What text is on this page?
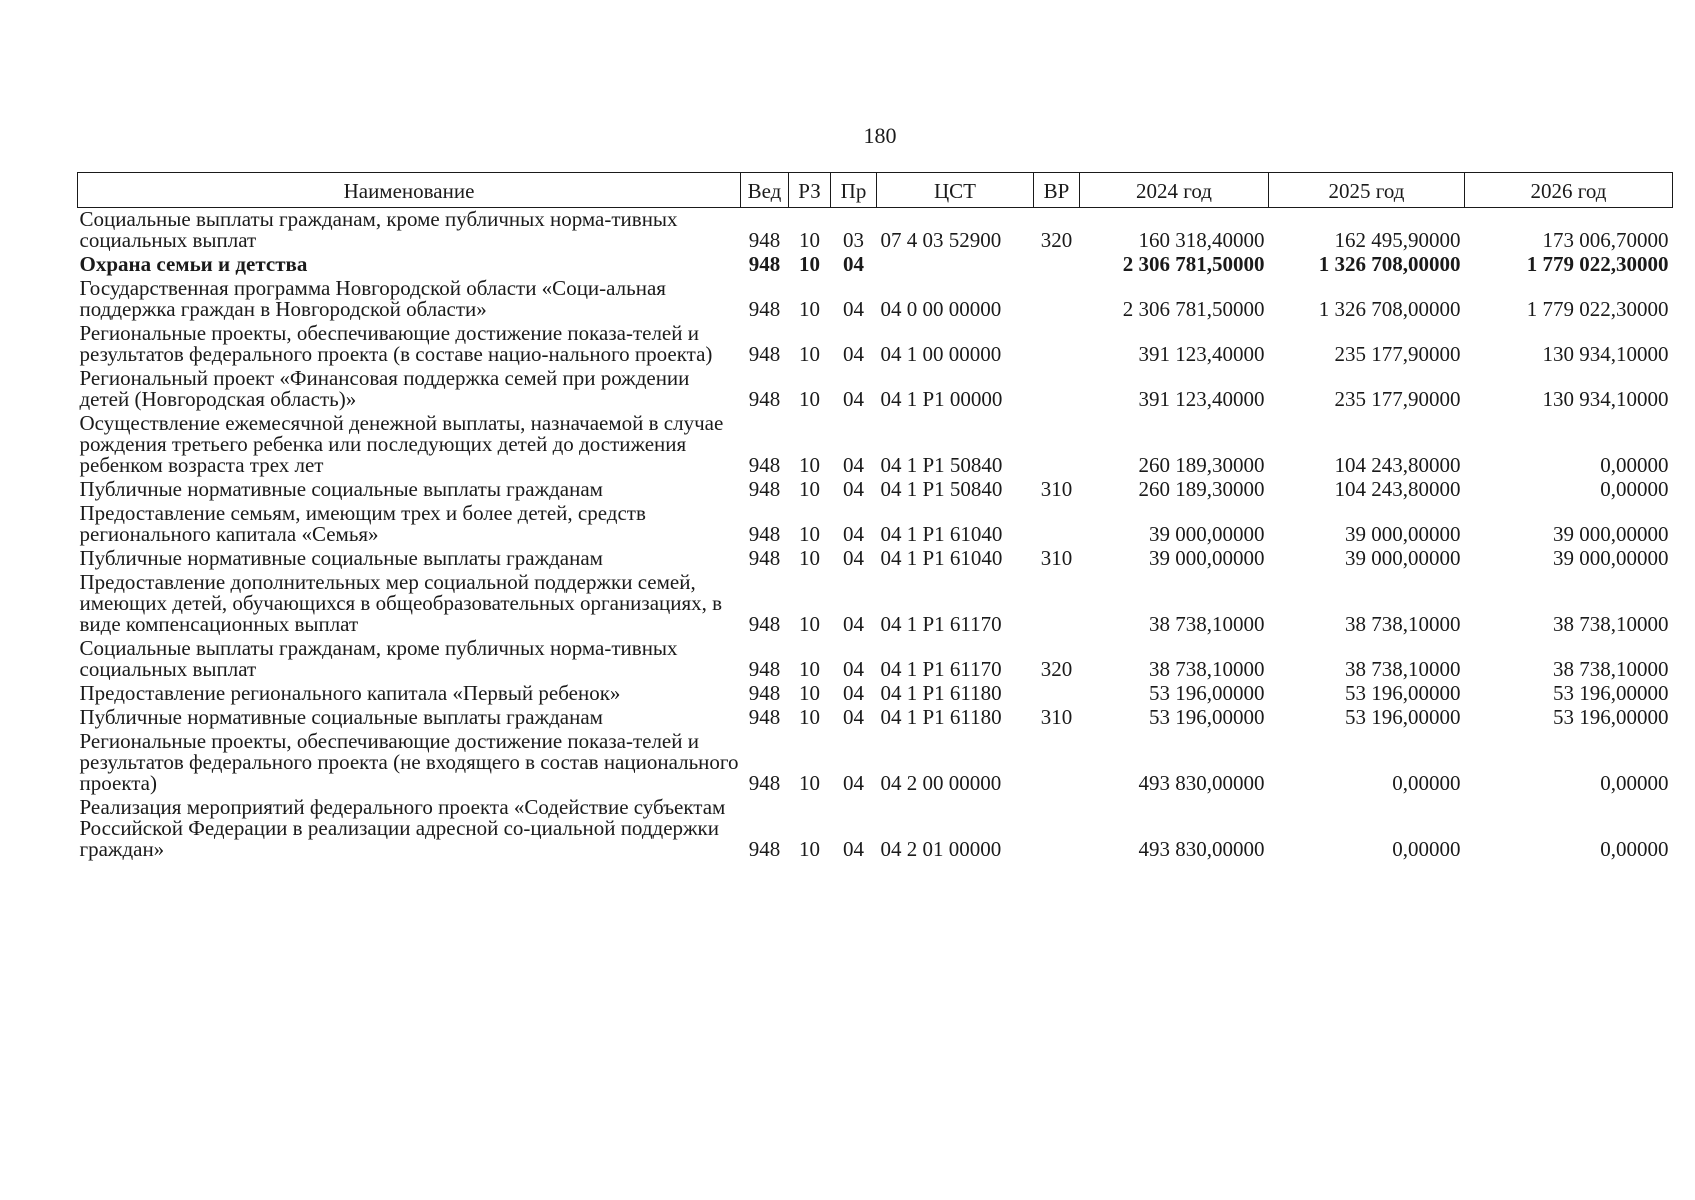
180
Наименование	Вед	РЗ	Пр	ЦСТ	ВР	2024 год	2025 год	2026 год
Социальные выплаты гражданам, кроме публичных норма-тивных социальных выплат	948	10	03	07 4 03 52900	320	160 318,40000	162 495,90000	173 006,70000
Охрана семьи и детства	948	10	04			2 306 781,50000	1 326 708,00000	1 779 022,30000
Государственная программа Новгородской области «Соци-альная поддержка граждан в Новгородской области»	948	10	04	04 0 00 00000		2 306 781,50000	1 326 708,00000	1 779 022,30000
Региональные проекты, обеспечивающие достижение показа-телей и результатов федерального проекта (в составе нацио-нального проекта)	948	10	04	04 1 00 00000		391 123,40000	235 177,90000	130 934,10000
Региональный проект «Финансовая поддержка семей при рождении детей (Новгородская область)»	948	10	04	04 1 Р1 00000		391 123,40000	235 177,90000	130 934,10000
Осуществление ежемесячной денежной выплаты, назначаемой в случае рождения третьего ребенка или последующих детей до достижения ребенком возраста трех лет	948	10	04	04 1 Р1 50840		260 189,30000	104 243,80000	0,00000
Публичные нормативные социальные выплаты гражданам	948	10	04	04 1 Р1 50840	310	260 189,30000	104 243,80000	0,00000
Предоставление семьям, имеющим трех и более детей, средств регионального капитала «Семья»	948	10	04	04 1 Р1 61040		39 000,00000	39 000,00000	39 000,00000
Публичные нормативные социальные выплаты гражданам	948	10	04	04 1 Р1 61040	310	39 000,00000	39 000,00000	39 000,00000
Предоставление дополнительных мер социальной поддержки семей, имеющих детей, обучающихся в общеобразовательных организациях, в виде компенсационных выплат	948	10	04	04 1 Р1 61170		38 738,10000	38 738,10000	38 738,10000
Социальные выплаты гражданам, кроме публичных норма-тивных социальных выплат	948	10	04	04 1 Р1 61170	320	38 738,10000	38 738,10000	38 738,10000
Предоставление регионального капитала «Первый ребенок»	948	10	04	04 1 Р1 61180		53 196,00000	53 196,00000	53 196,00000
Публичные нормативные социальные выплаты гражданам	948	10	04	04 1 Р1 61180	310	53 196,00000	53 196,00000	53 196,00000
Региональные проекты, обеспечивающие достижение показа-телей и результатов федерального проекта (не входящего в состав национального проекта)	948	10	04	04 2 00 00000		493 830,00000	0,00000	0,00000
Реализация мероприятий федерального проекта «Содействие субъектам Российской Федерации в реализации адресной со-циальной поддержки граждан»	948	10	04	04 2 01 00000		493 830,00000	0,00000	0,00000
